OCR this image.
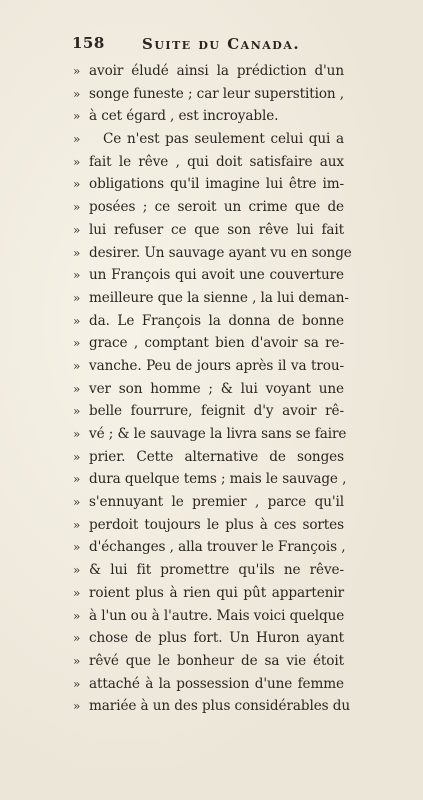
158 Suite du Canada.
» avoir éludé ainsi la prédiction d'un
» songe funeste ; car leur superstition ,
» à cet égard , est incroyable.
» Ce n'est pas seulement celui qui a
» fait le rêve , qui doit satisfaire aux
» obligations qu'il imagine lui être im-
» posées ; ce seroit un crime que de
» lui refuser ce que son rêve lui fait
» desirer. Un sauvage ayant vu en songe
» un François qui avoit une couverture
» meilleure que la sienne , la lui deman-
» da. Le François la donna de bonne
» grace , comptant bien d'avoir sa re-
» vanche. Peu de jours après il va trou-
» ver son homme ; & lui voyant une
» belle fourrure, feignit d'y avoir rê-
» vé ; & le sauvage la livra sans se faire
» prier. Cette alternative de songes
» dura quelque tems ; mais le sauvage ,
» s'ennuyant le premier , parce qu'il
» perdoit toujours le plus à ces sortes
» d'échanges , alla trouver le François ,
» & lui fit promettre qu'ils ne rêve-
» roient plus à rien qui pût appartenir
» à l'un ou à l'autre. Mais voici quelque
» chose de plus fort. Un Huron ayant
» rêvé que le bonheur de sa vie étoit
» attaché à la possession d'une femme
» mariée à un des plus considérables du
